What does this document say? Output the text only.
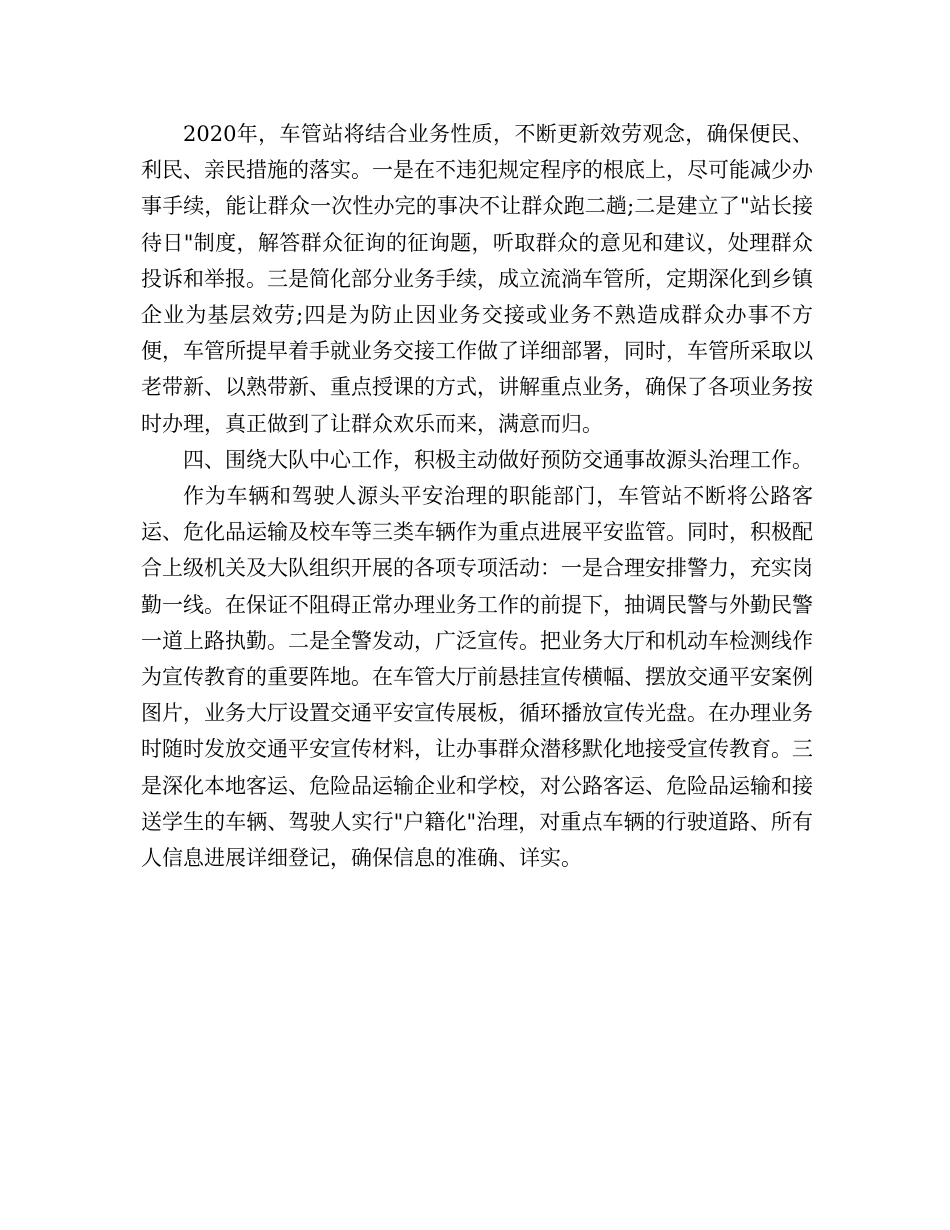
2020年，车管站将结合业务性质，不断更新效劳观念，确保便民、利民、亲民措施的落实。一是在不违犯规定程序的根底上，尽可能减少办事手续，能让群众一次性办完的事决不让群众跑二趟;二是建立了"站长接待日"制度，解答群众征询的征询题，听取群众的意见和建议，处理群众投诉和举报。三是简化部分业务手续，成立流淌车管所，定期深化到乡镇企业为基层效劳;四是为防止因业务交接或业务不熟造成群众办事不方便，车管所提早着手就业务交接工作做了详细部署，同时，车管所采取以老带新、以熟带新、重点授课的方式，讲解重点业务，确保了各项业务按时办理，真正做到了让群众欢乐而来，满意而归。

四、围绕大队中心工作，积极主动做好预防交通事故源头治理工作。

作为车辆和驾驶人源头平安治理的职能部门，车管站不断将公路客运、危化品运输及校车等三类车辆作为重点进展平安监管。同时，积极配合上级机关及大队组织开展的各项专项活动：一是合理安排警力，充实岗勤一线。在保证不阻碍正常办理业务工作的前提下，抽调民警与外勤民警一道上路执勤。二是全警发动，广泛宣传。把业务大厅和机动车检测线作为宣传教育的重要阵地。在车管大厅前悬挂宣传横幅、摆放交通平安案例图片，业务大厅设置交通平安宣传展板，循环播放宣传光盘。在办理业务时随时发放交通平安宣传材料，让办事群众潜移默化地接受宣传教育。三是深化本地客运、危险品运输企业和学校，对公路客运、危险品运输和接送学生的车辆、驾驶人实行"户籍化"治理，对重点车辆的行驶道路、所有人信息进展详细登记，确保信息的准确、详实。
